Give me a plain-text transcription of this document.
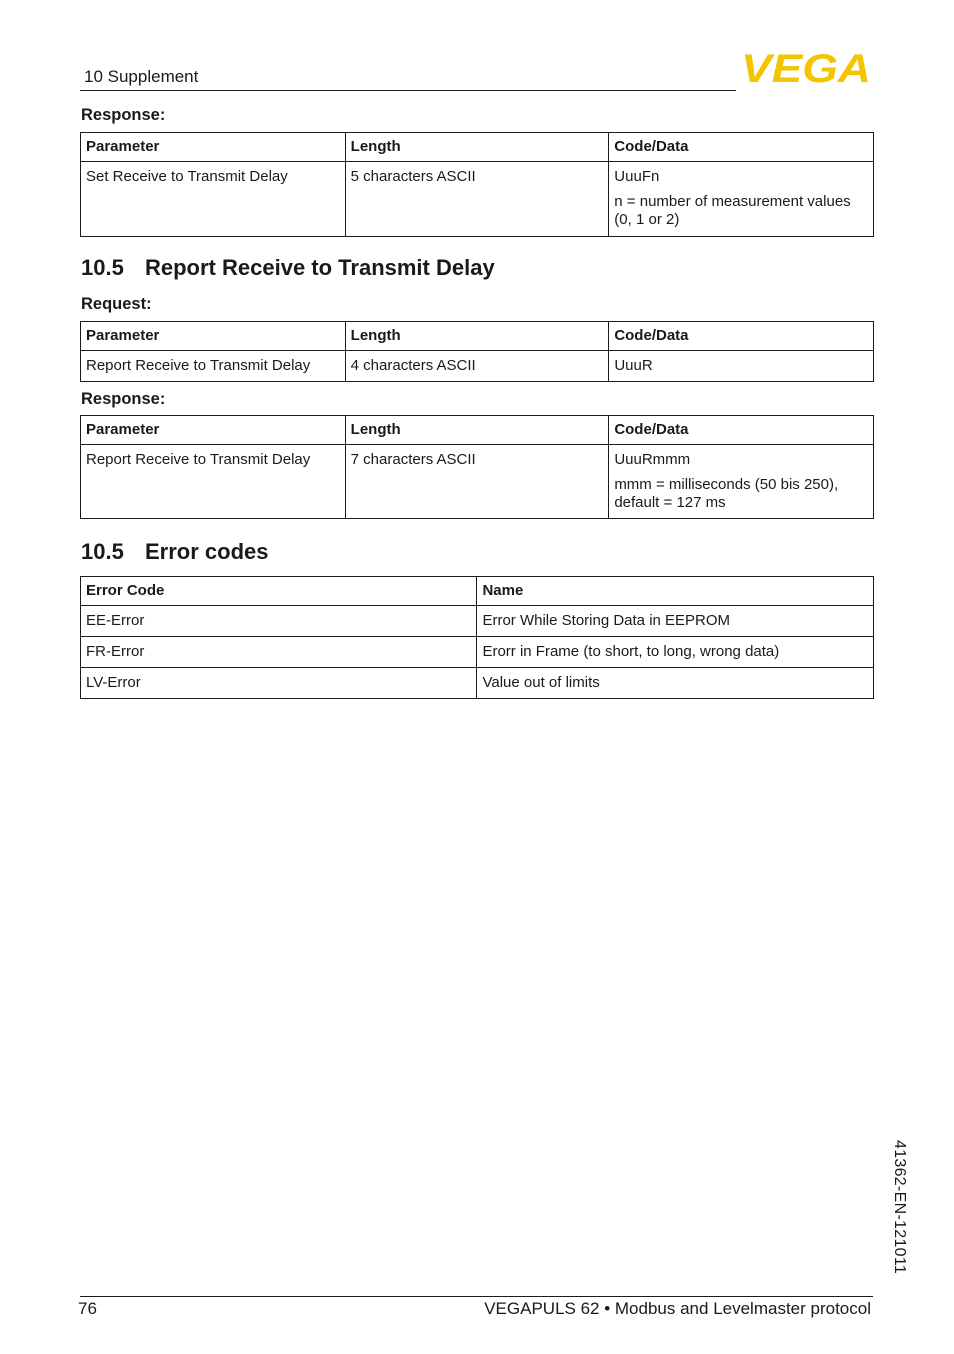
10 Supplement	VEGA
Response:
Parameter	Length	Code/Data
Set Receive to Transmit Delay	5 characters ASCII	UuuFn
n = number of measurement values
(0, 1 or 2)
10.5 Report Receive to Transmit Delay
Request:
Parameter	Length	Code/Data
Report Receive to Transmit Delay	4 characters ASCII	UuuR
Response:
Parameter	Length	Code/Data
Report Receive to Transmit Delay	7 characters ASCII	UuuRmmm
mmm = milliseconds (50 bis 250),
default = 127 ms
10.5 Error codes
Error Code	Name
EE-Error	Error While Storing Data in EEPROM
FR-Error	Erorr in Frame (to short, to long, wrong data)
LV-Error	Value out of limits
41362-EN-121011
76	VEGAPULS 62 • Modbus and Levelmaster protocol
